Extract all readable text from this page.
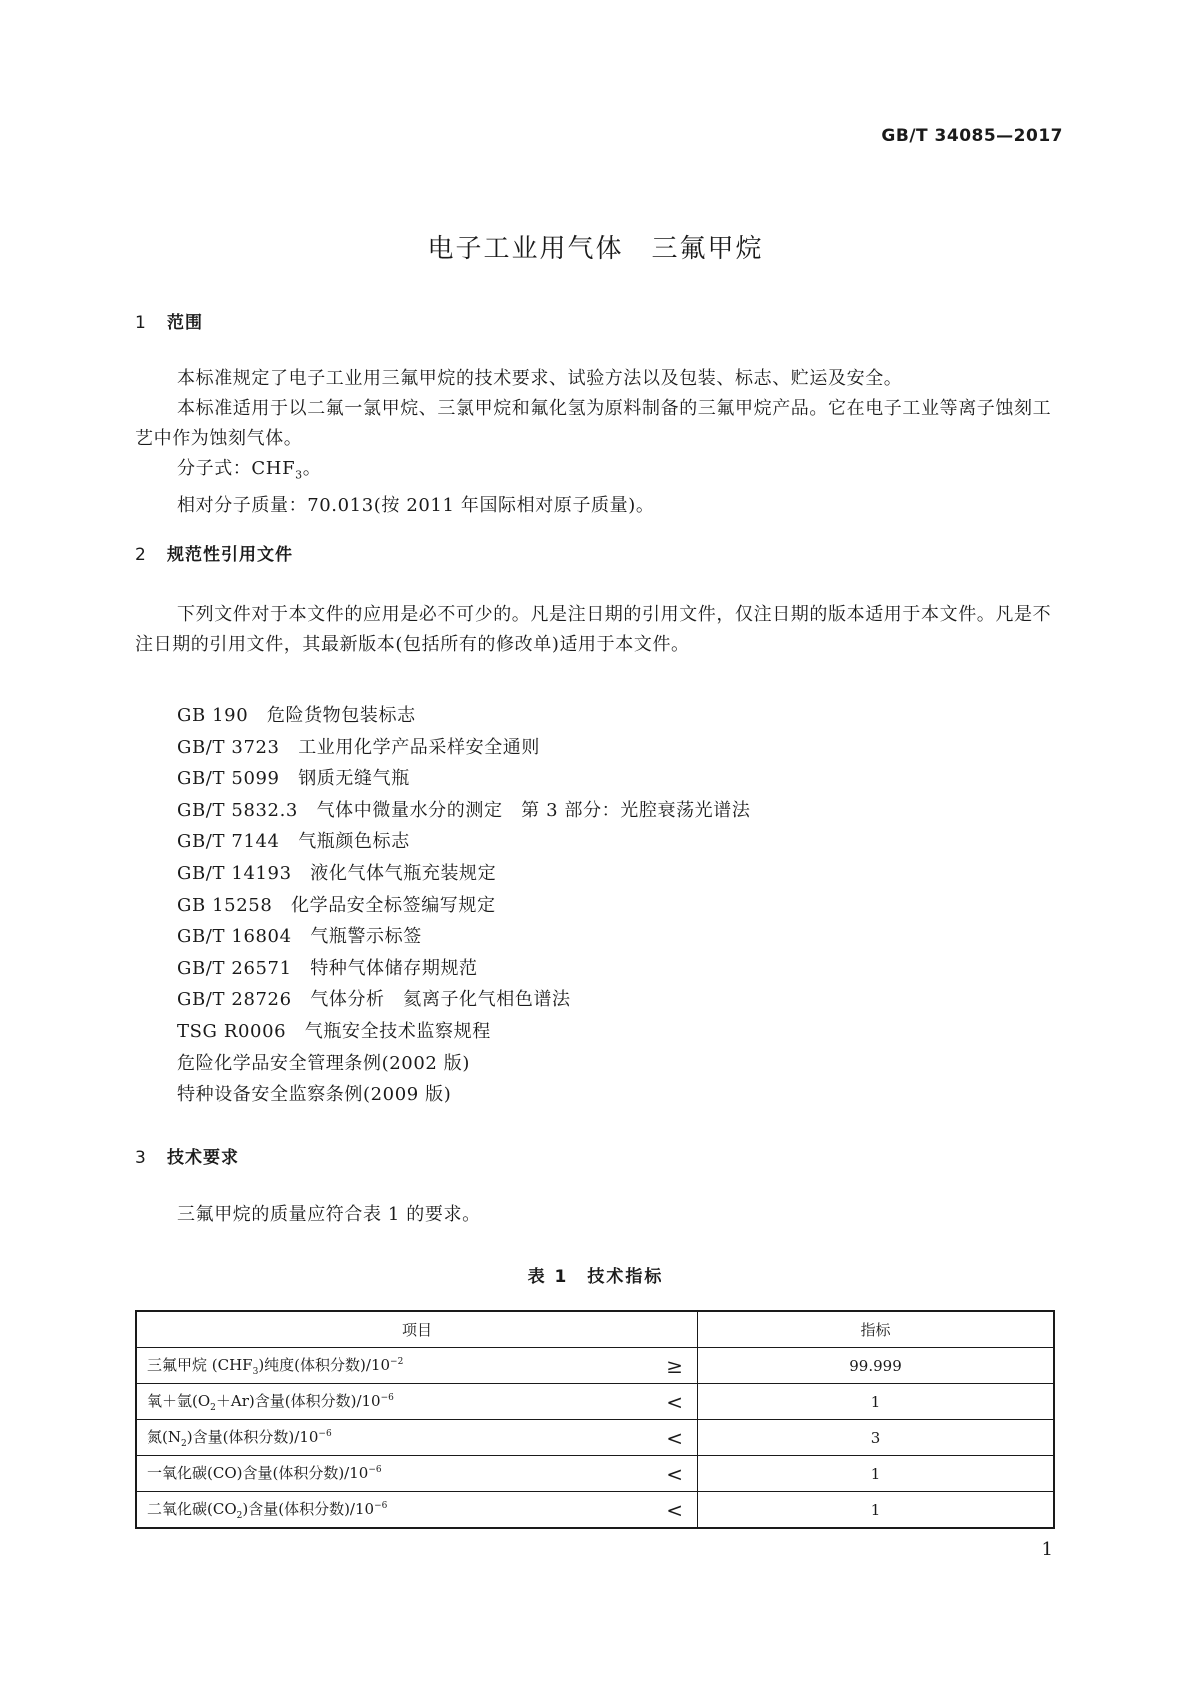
GB/T 34085—2017
电子工业用气体　三氟甲烷
1 范围
本标准规定了电子工业用三氟甲烷的技术要求、试验方法以及包装、标志、贮运及安全。
本标准适用于以二氟一氯甲烷、三氯甲烷和氟化氢为原料制备的三氟甲烷产品。它在电子工业等离子蚀刻工艺中作为蚀刻气体。
分子式：$CHF_3$。
相对分子质量：70.013(按 2011 年国际相对原子质量)。
2 规范性引用文件
下列文件对于本文件的应用是必不可少的。凡是注日期的引用文件，仅注日期的版本适用于本文件。凡是不注日期的引用文件，其最新版本(包括所有的修改单)适用于本文件。
GB 190　危险货物包装标志
GB/T 3723　工业用化学产品采样安全通则
GB/T 5099　钢质无缝气瓶
GB/T 5832.3　气体中微量水分的测定　第 3 部分：光腔衰荡光谱法
GB/T 7144　气瓶颜色标志
GB/T 14193　液化气体气瓶充装规定
GB 15258　化学品安全标签编写规定
GB/T 16804　气瓶警示标签
GB/T 26571　特种气体储存期规范
GB/T 28726　气体分析　氦离子化气相色谱法
TSG R0006　气瓶安全技术监察规程
危险化学品安全管理条例(2002 版)
特种设备安全监察条例(2009 版)
3 技术要求
三氟甲烷的质量应符合表 1 的要求。
表 1　技术指标
项目		指标
三氟甲烷 $(CHF_3)$纯度(体积分数)$/10^{-2}$	≥	99.999
氧＋氩$(O_2+Ar)$含量(体积分数)$/10^{-6}$	<	1
氮$(N_2)$含量(体积分数)$/10^{-6}$	<	3
一氧化碳(CO)含量(体积分数)$/10^{-6}$	<	1
二氧化碳$(CO_2)$含量(体积分数)$/10^{-6}$	<	1
1
